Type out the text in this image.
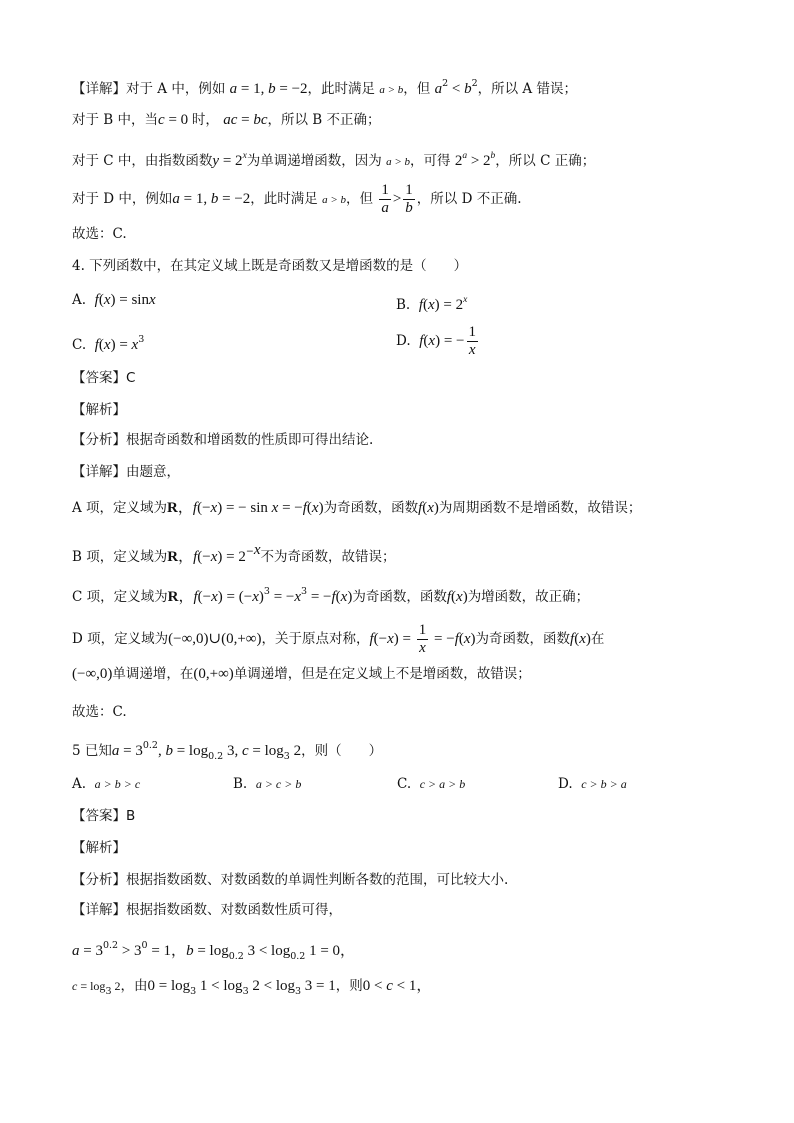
【详解】对于 A 中，例如 a = 1, b = −2，此时满足 a > b，但 $a^2 < b^2$，所以 A 错误；
对于 B 中，当c = 0 时， ac = bc，所以 B 不正确；
对于 C 中，由指数函数$y = 2^x$为单调递增函数，因为 a > b，可得 $2^a > 2^b$，所以 C 正确；
对于 D 中，例如a = 1, b = −2，此时满足 a > b，但 $\frac{1}{a} > \frac{1}{b}$ ，所以 D 不正确.
故选：C.
4. 下列函数中，在其定义域上既是奇函数又是增函数的是（　　）
A. f(x) = sinx	B. $f(x) = 2^x$
C. $f(x) = x^3$	D. f(x) = − $\frac{1}{x}$
【答案】C
【解析】
【分析】根据奇函数和增函数的性质即可得出结论.
【详解】由题意，
A 项，定义域为R，f(−x) = − sin x = −f(x)为奇函数，函数f(x)为周期函数不是增函数，故错误；
B 项，定义域为R，$f(-x) = 2^{-x}$不为奇函数，故错误；
C 项，定义域为R，$f(-x) = (-x)^3 = -x^3 = -f(x)$为奇函数，函数f(x)为增函数，故正确；
D 项，定义域为(−∞,0)∪(0,+∞)，关于原点对称，$f(-x) = \frac{1}{x} = -f(x)$为奇函数，函数f(x)在
(−∞,0)单调递增，在(0,+∞)单调递增，但是在定义域上不是增函数，故错误；
故选：C.
5 已知$a = 3^{0.2}$, $b = \log_{0.2} 3$, $c = \log_3 2$，则（　　）
A. a > b > c	B. a > c > b	C. c > a > b	D. c > b > a
【答案】B
【解析】
【分析】根据指数函数、对数函数的单调性判断各数的范围，可比较大小.
【详解】根据指数函数、对数函数性质可得，
$a = 3^{0.2} > 3^0 = 1$，$b = \log_{0.2} 3 < \log_{0.2} 1 = 0$，
$c = \log_3 2$，由$0 = \log_3 1 < \log_3 2 < \log_3 3 = 1$，则0 < c < 1，
